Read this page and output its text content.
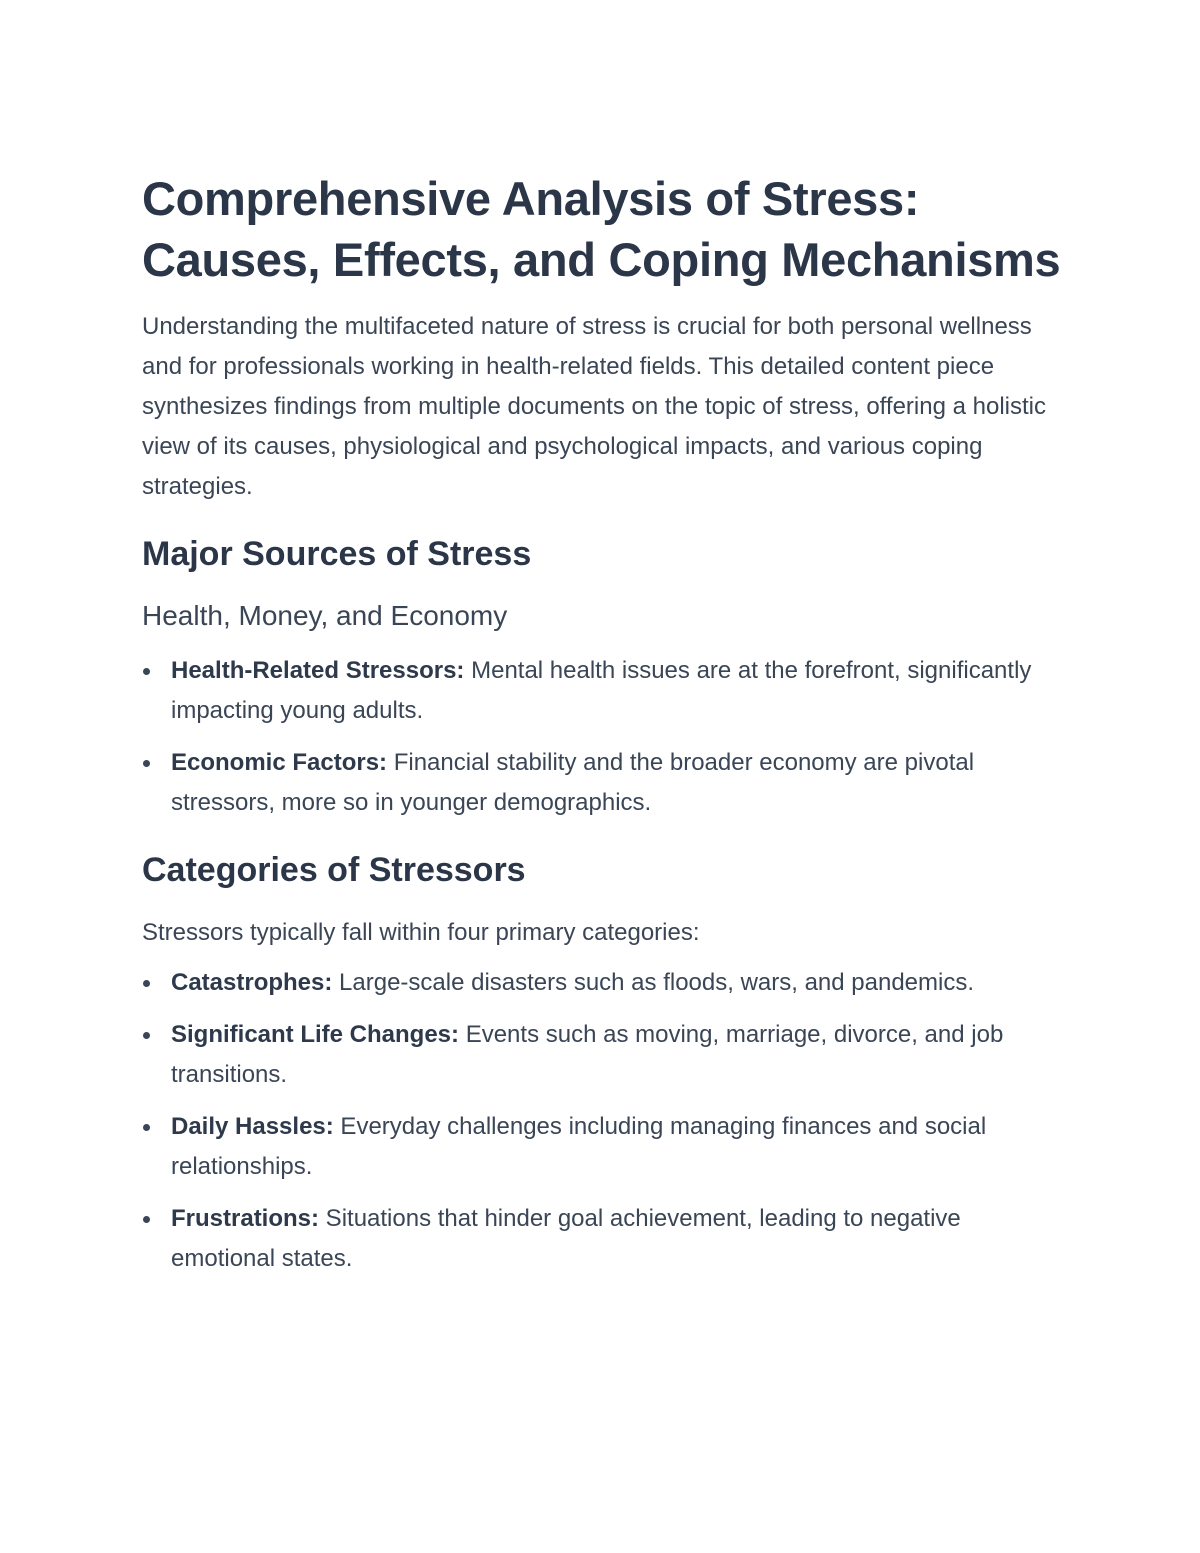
Comprehensive Analysis of Stress: Causes, Effects, and Coping Mechanisms

Understanding the multifaceted nature of stress is crucial for both personal wellness and for professionals working in health-related fields. This detailed content piece synthesizes findings from multiple documents on the topic of stress, offering a holistic view of its causes, physiological and psychological impacts, and various coping strategies.

Major Sources of Stress
Health, Money, and Economy
Health-Related Stressors: Mental health issues are at the forefront, significantly impacting young adults.
Economic Factors: Financial stability and the broader economy are pivotal stressors, more so in younger demographics.
Categories of Stressors

Stressors typically fall within four primary categories:

Catastrophes: Large-scale disasters such as floods, wars, and pandemics.
Significant Life Changes: Events such as moving, marriage, divorce, and job transitions.
Daily Hassles: Everyday challenges including managing finances and social relationships.
Frustrations: Situations that hinder goal achievement, leading to negative emotional states.
